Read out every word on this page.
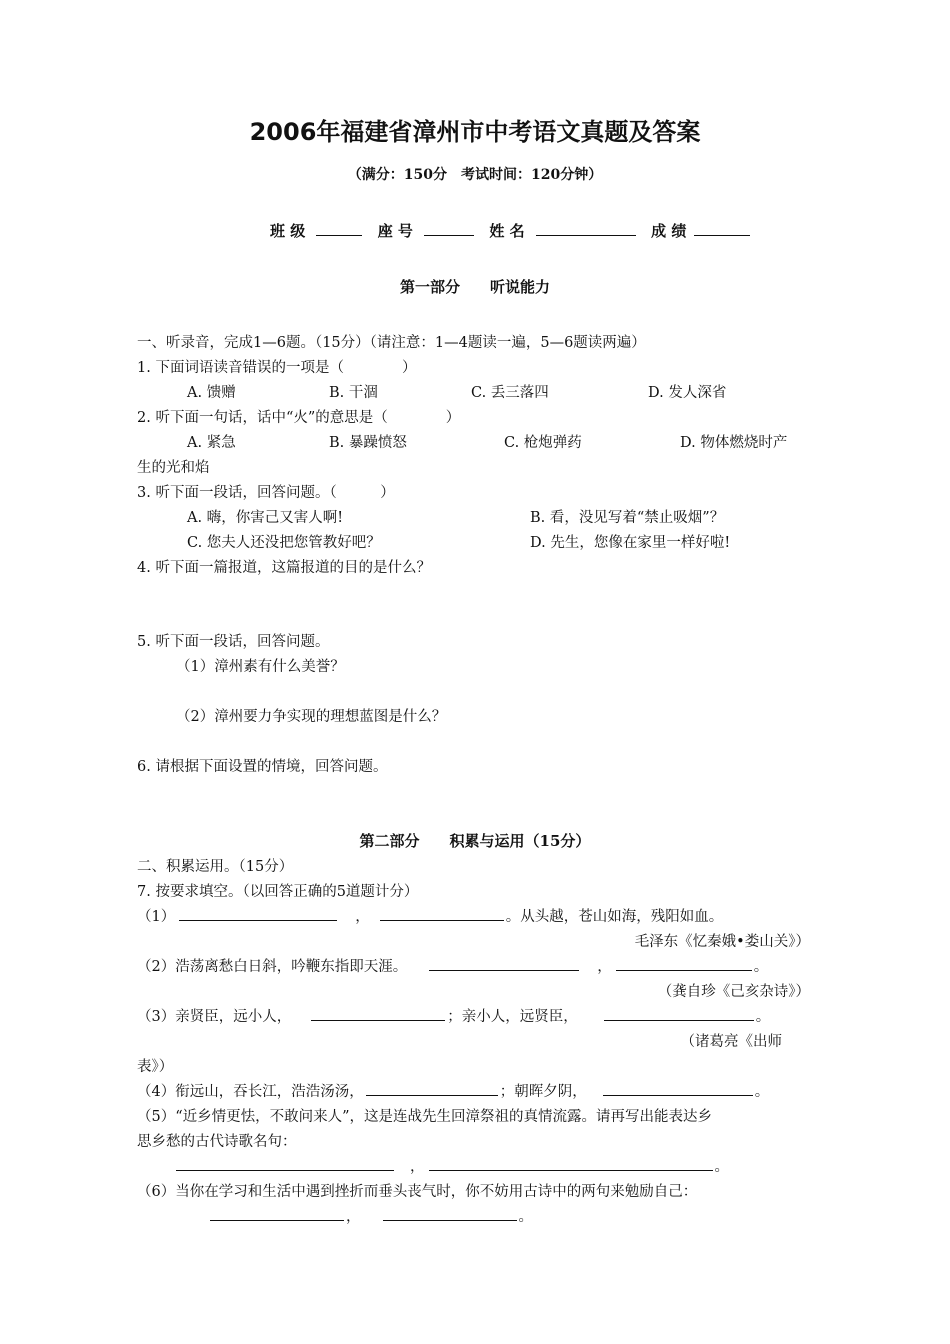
2006年福建省漳州市中考语文真题及答案
（满分：150分　考试时间：120分钟）
班 级	座 号	姓 名	成 绩
第一部分　　听说能力
一、听录音，完成1—6题。（15分）（请注意：1—4题读一遍，5—6题读两遍）
1. 下面词语读音错误的一项是（　　　　）
A. 馈赠	B. 干涸	C. 丢三落四	D. 发人深省
2. 听下面一句话，话中“火”的意思是（　　　　）
A. 紧急	B. 暴躁愤怒	C. 枪炮弹药	D. 物体燃烧时产
生的光和焰
3. 听下面一段话，回答问题。（　　　）
A. 嗨，你害己又害人啊!	B. 看，没见写着“禁止吸烟”？
C. 您夫人还没把您管教好吧？	D. 先生，您像在家里一样好啦!
4. 听下面一篇报道，这篇报道的目的是什么？
5. 听下面一段话，回答问题。
（1）漳州素有什么美誉？
（2）漳州要力争实现的理想蓝图是什么？
6. 请根据下面设置的情境，回答问题。
第二部分　　积累与运用（15分）
二、积累运用。（15分）
7. 按要求填空。（以回答正确的5道题计分）
（1）	，	。从头越，苍山如海，残阳如血。
毛泽东《忆秦娥•娄山关》）
（2）浩荡离愁白日斜，吟鞭东指即天涯。	，	。
（龚自珍《己亥杂诗》）
（3）亲贤臣，远小人，	；亲小人，远贤臣，	。
（诸葛亮《出师
表》）
（4）衔远山，吞长江，浩浩汤汤，	；朝晖夕阴，	。
（5）“近乡情更怯，不敢问来人”，这是连战先生回漳祭祖的真情流露。请再写出能表达乡
思乡愁的古代诗歌名句：
，	。
（6）当你在学习和生活中遇到挫折而垂头丧气时，你不妨用古诗中的两句来勉励自己：
，	。
